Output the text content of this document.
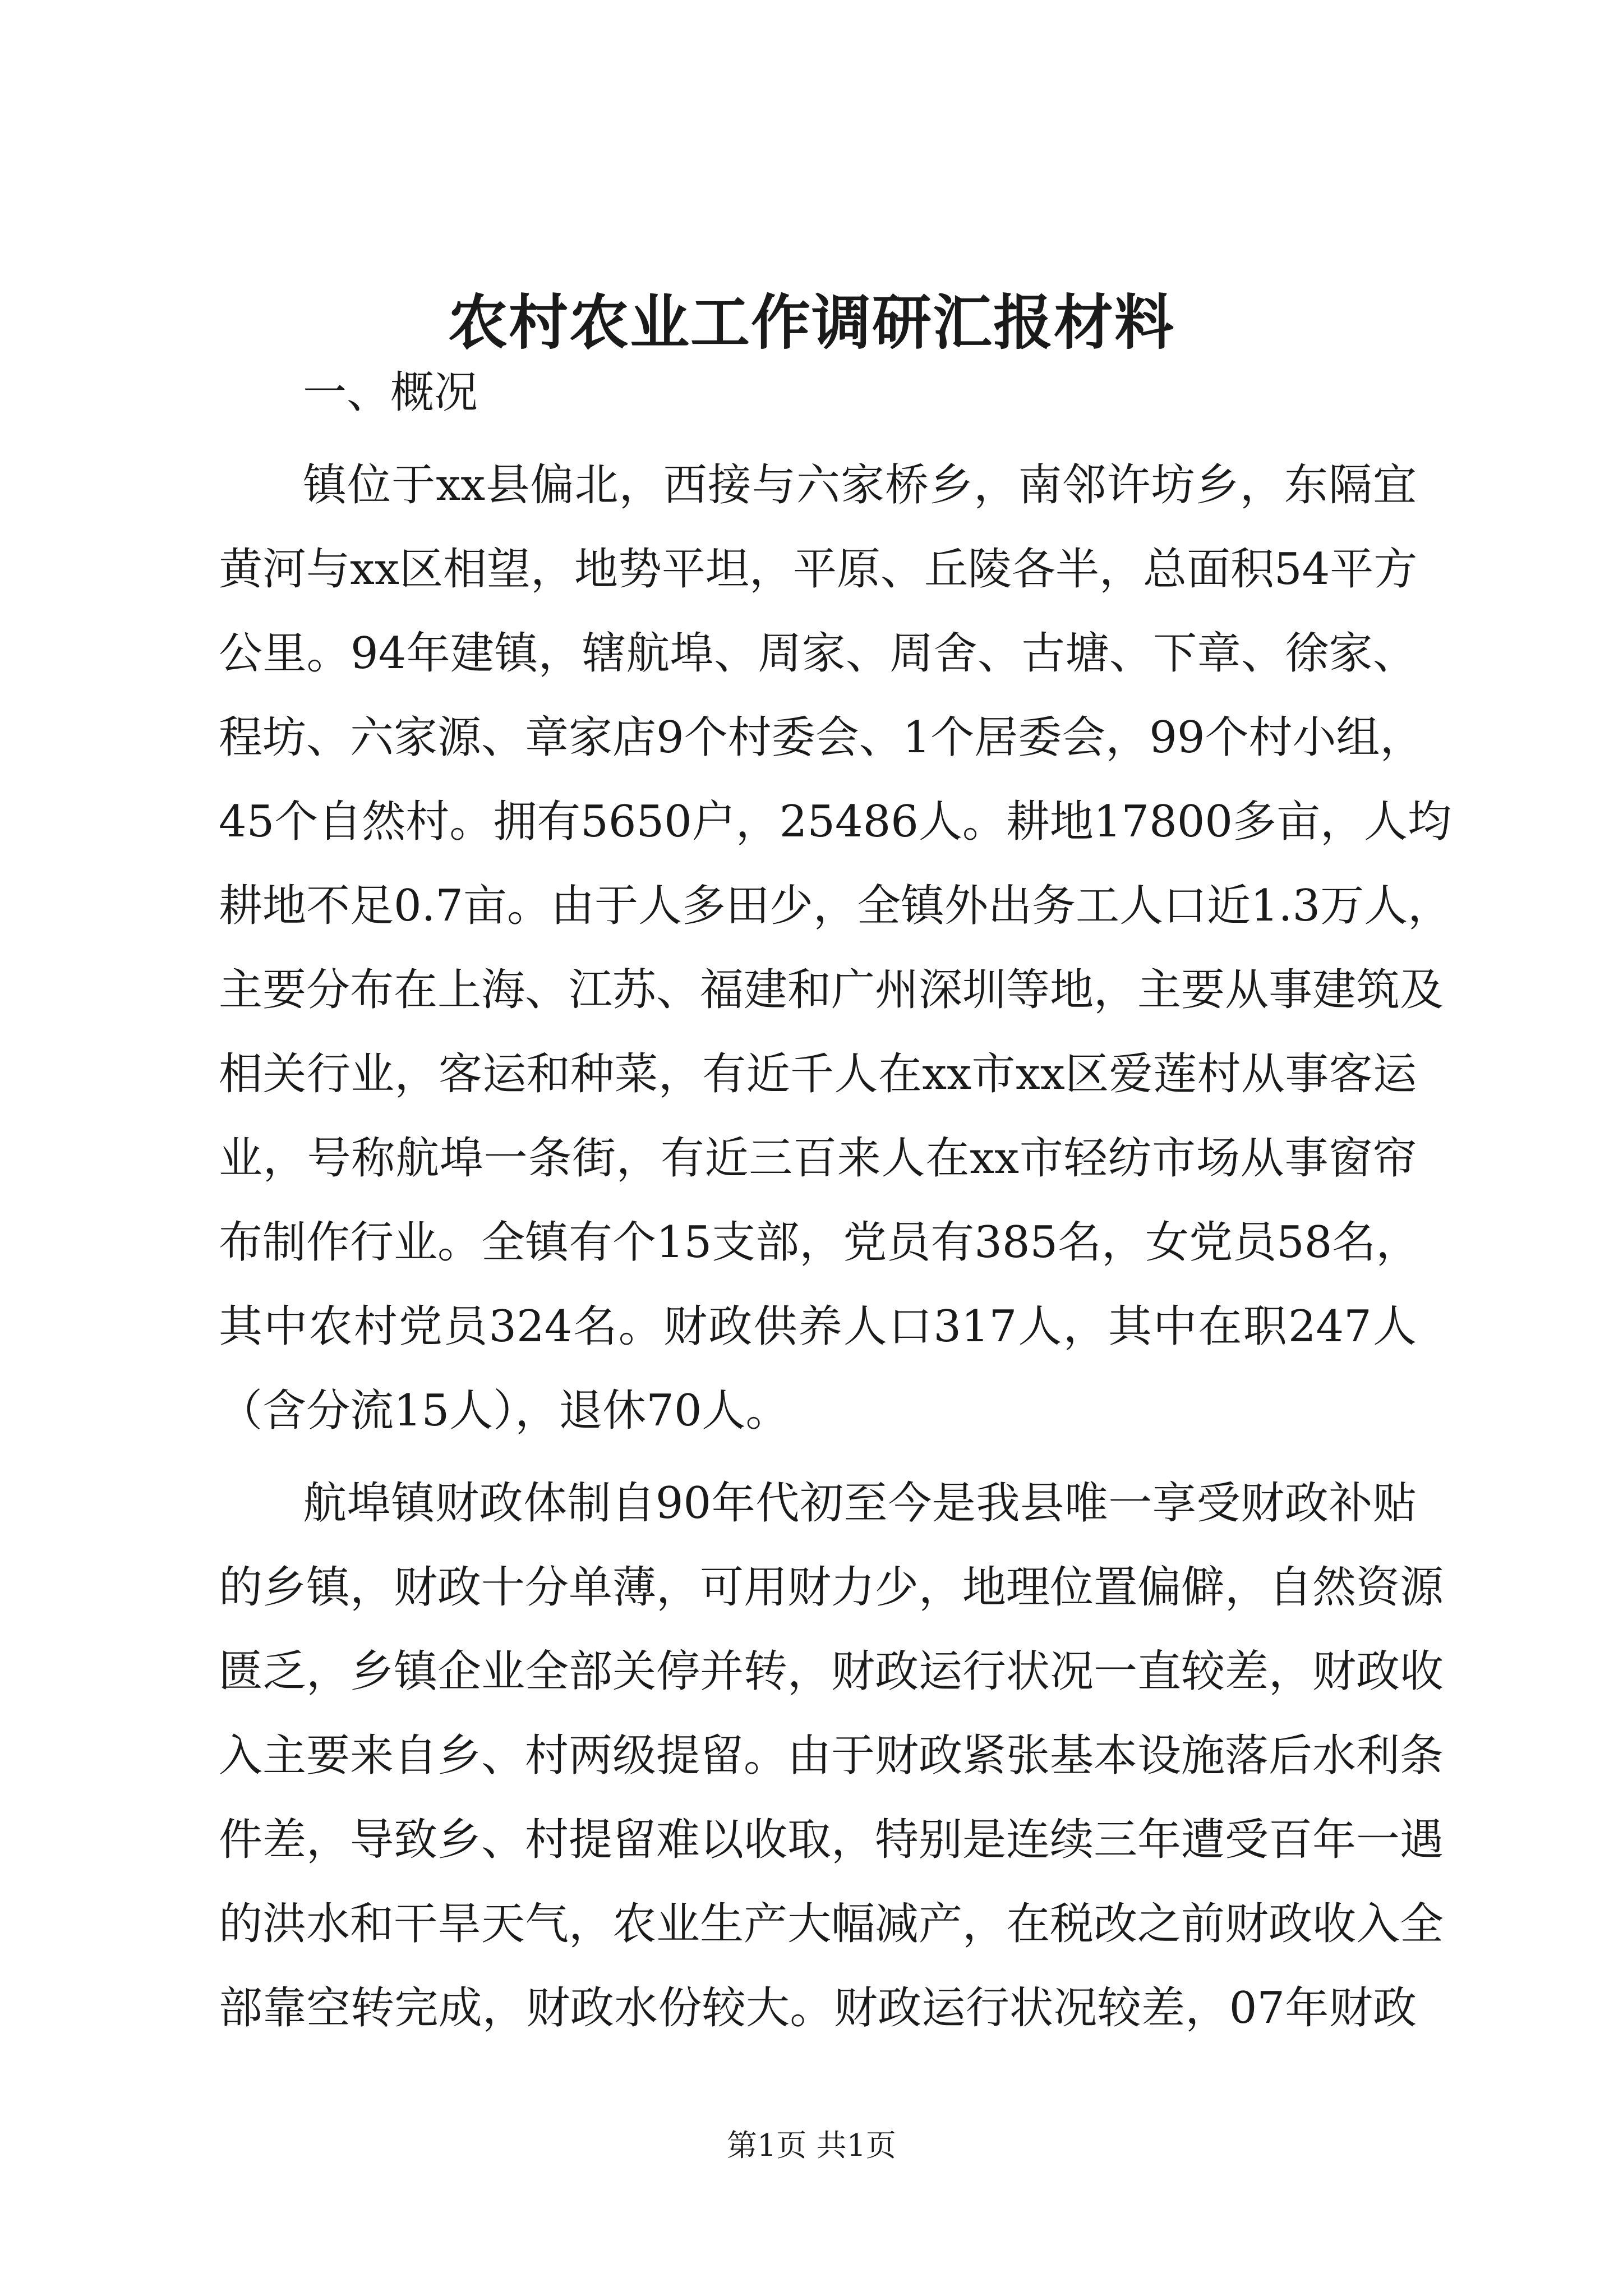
农村农业工作调研汇报材料
一、概况
镇位于xx县偏北，西接与六家桥乡，南邻许坊乡，东隔宜
黄河与xx区相望，地势平坦，平原、丘陵各半，总面积54平方
公里。94年建镇，辖航埠、周家、周舍、古塘、下章、徐家、
程坊、六家源、章家店9个村委会、1个居委会，99个村小组，
45个自然村。拥有5650户，25486人。耕地17800多亩，人均
耕地不足0.7亩。由于人多田少，全镇外出务工人口近1.3万人，
主要分布在上海、江苏、福建和广州深圳等地，主要从事建筑及
相关行业，客运和种菜，有近千人在xx市xx区爱莲村从事客运
业，号称航埠一条街，有近三百来人在xx市轻纺市场从事窗帘
布制作行业。全镇有个15支部，党员有385名，女党员58名，
其中农村党员324名。财政供养人口317人，其中在职247人
（含分流15人），退休70人。
航埠镇财政体制自90年代初至今是我县唯一享受财政补贴
的乡镇，财政十分单薄，可用财力少，地理位置偏僻，自然资源
匮乏，乡镇企业全部关停并转，财政运行状况一直较差，财政收
入主要来自乡、村两级提留。由于财政紧张基本设施落后水利条
件差，导致乡、村提留难以收取，特别是连续三年遭受百年一遇
的洪水和干旱天气，农业生产大幅减产，在税改之前财政收入全
部靠空转完成，财政水份较大。财政运行状况较差，07年财政
第1页 共1页
